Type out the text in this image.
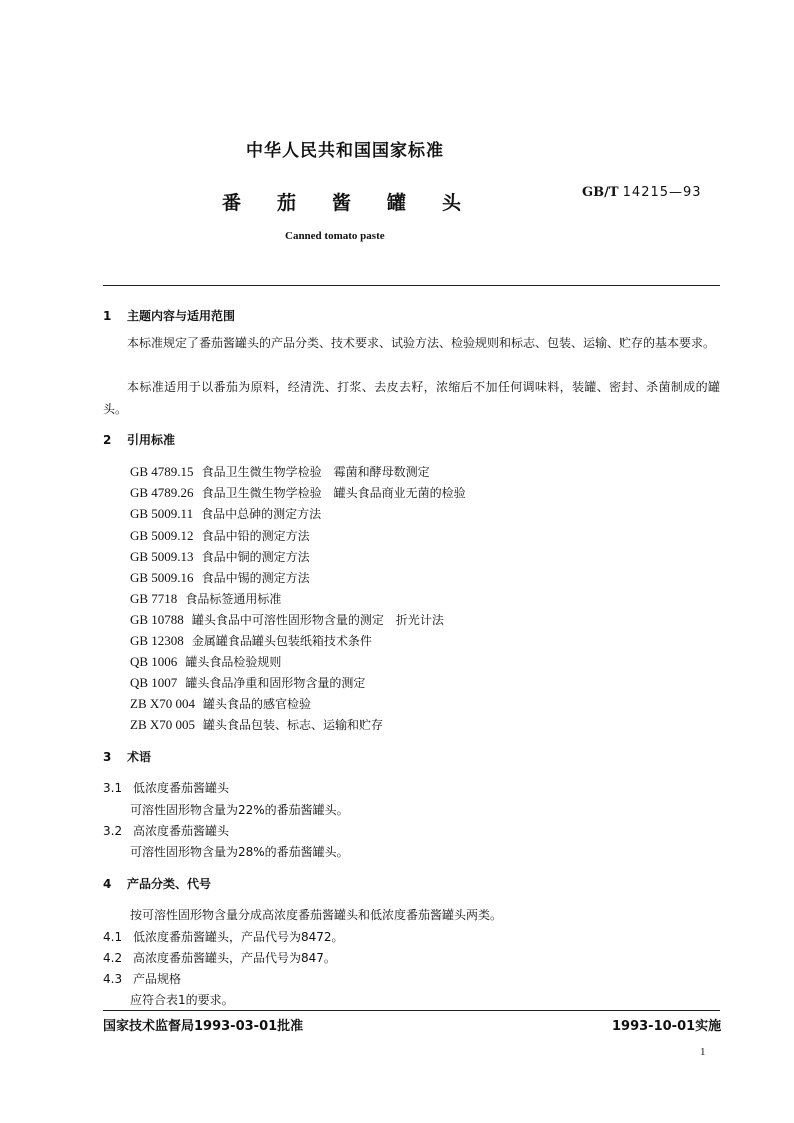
中华人民共和国国家标准
番茄酱罐头	GB/T 14215—93
Canned tomato paste
1 主题内容与适用范围
本标准规定了番茄酱罐头的产品分类、技术要求、试验方法、检验规则和标志、包装、运输、贮存的基本要求。
本标准适用于以番茄为原料，经清洗、打浆、去皮去籽，浓缩后不加任何调味料，装罐、密封、杀菌制成的罐头。
2 引用标准
GB 4789.15 食品卫生微生物学检验　霉菌和酵母数测定
GB 4789.26 食品卫生微生物学检验　罐头食品商业无菌的检验
GB 5009.11 食品中总砷的测定方法
GB 5009.12 食品中铅的测定方法
GB 5009.13 食品中铜的测定方法
GB 5009.16 食品中锡的测定方法
GB 7718 食品标签通用标准
GB 10788 罐头食品中可溶性固形物含量的测定　折光计法
GB 12308 金属罐食品罐头包装纸箱技术条件
QB 1006 罐头食品检验规则
QB 1007 罐头食品净重和固形物含量的测定
ZB X70 004 罐头食品的感官检验
ZB X70 005 罐头食品包装、标志、运输和贮存
3 术语
3.1 低浓度番茄酱罐头
可溶性固形物含量为22%的番茄酱罐头。
3.2 高浓度番茄酱罐头
可溶性固形物含量为28%的番茄酱罐头。
4 产品分类、代号
按可溶性固形物含量分成高浓度番茄酱罐头和低浓度番茄酱罐头两类。
4.1 低浓度番茄酱罐头，产品代号为8472。
4.2 高浓度番茄酱罐头，产品代号为847。
4.3 产品规格
应符合表1的要求。
国家技术监督局1993-03-01批准	1993-10-01实施
1
